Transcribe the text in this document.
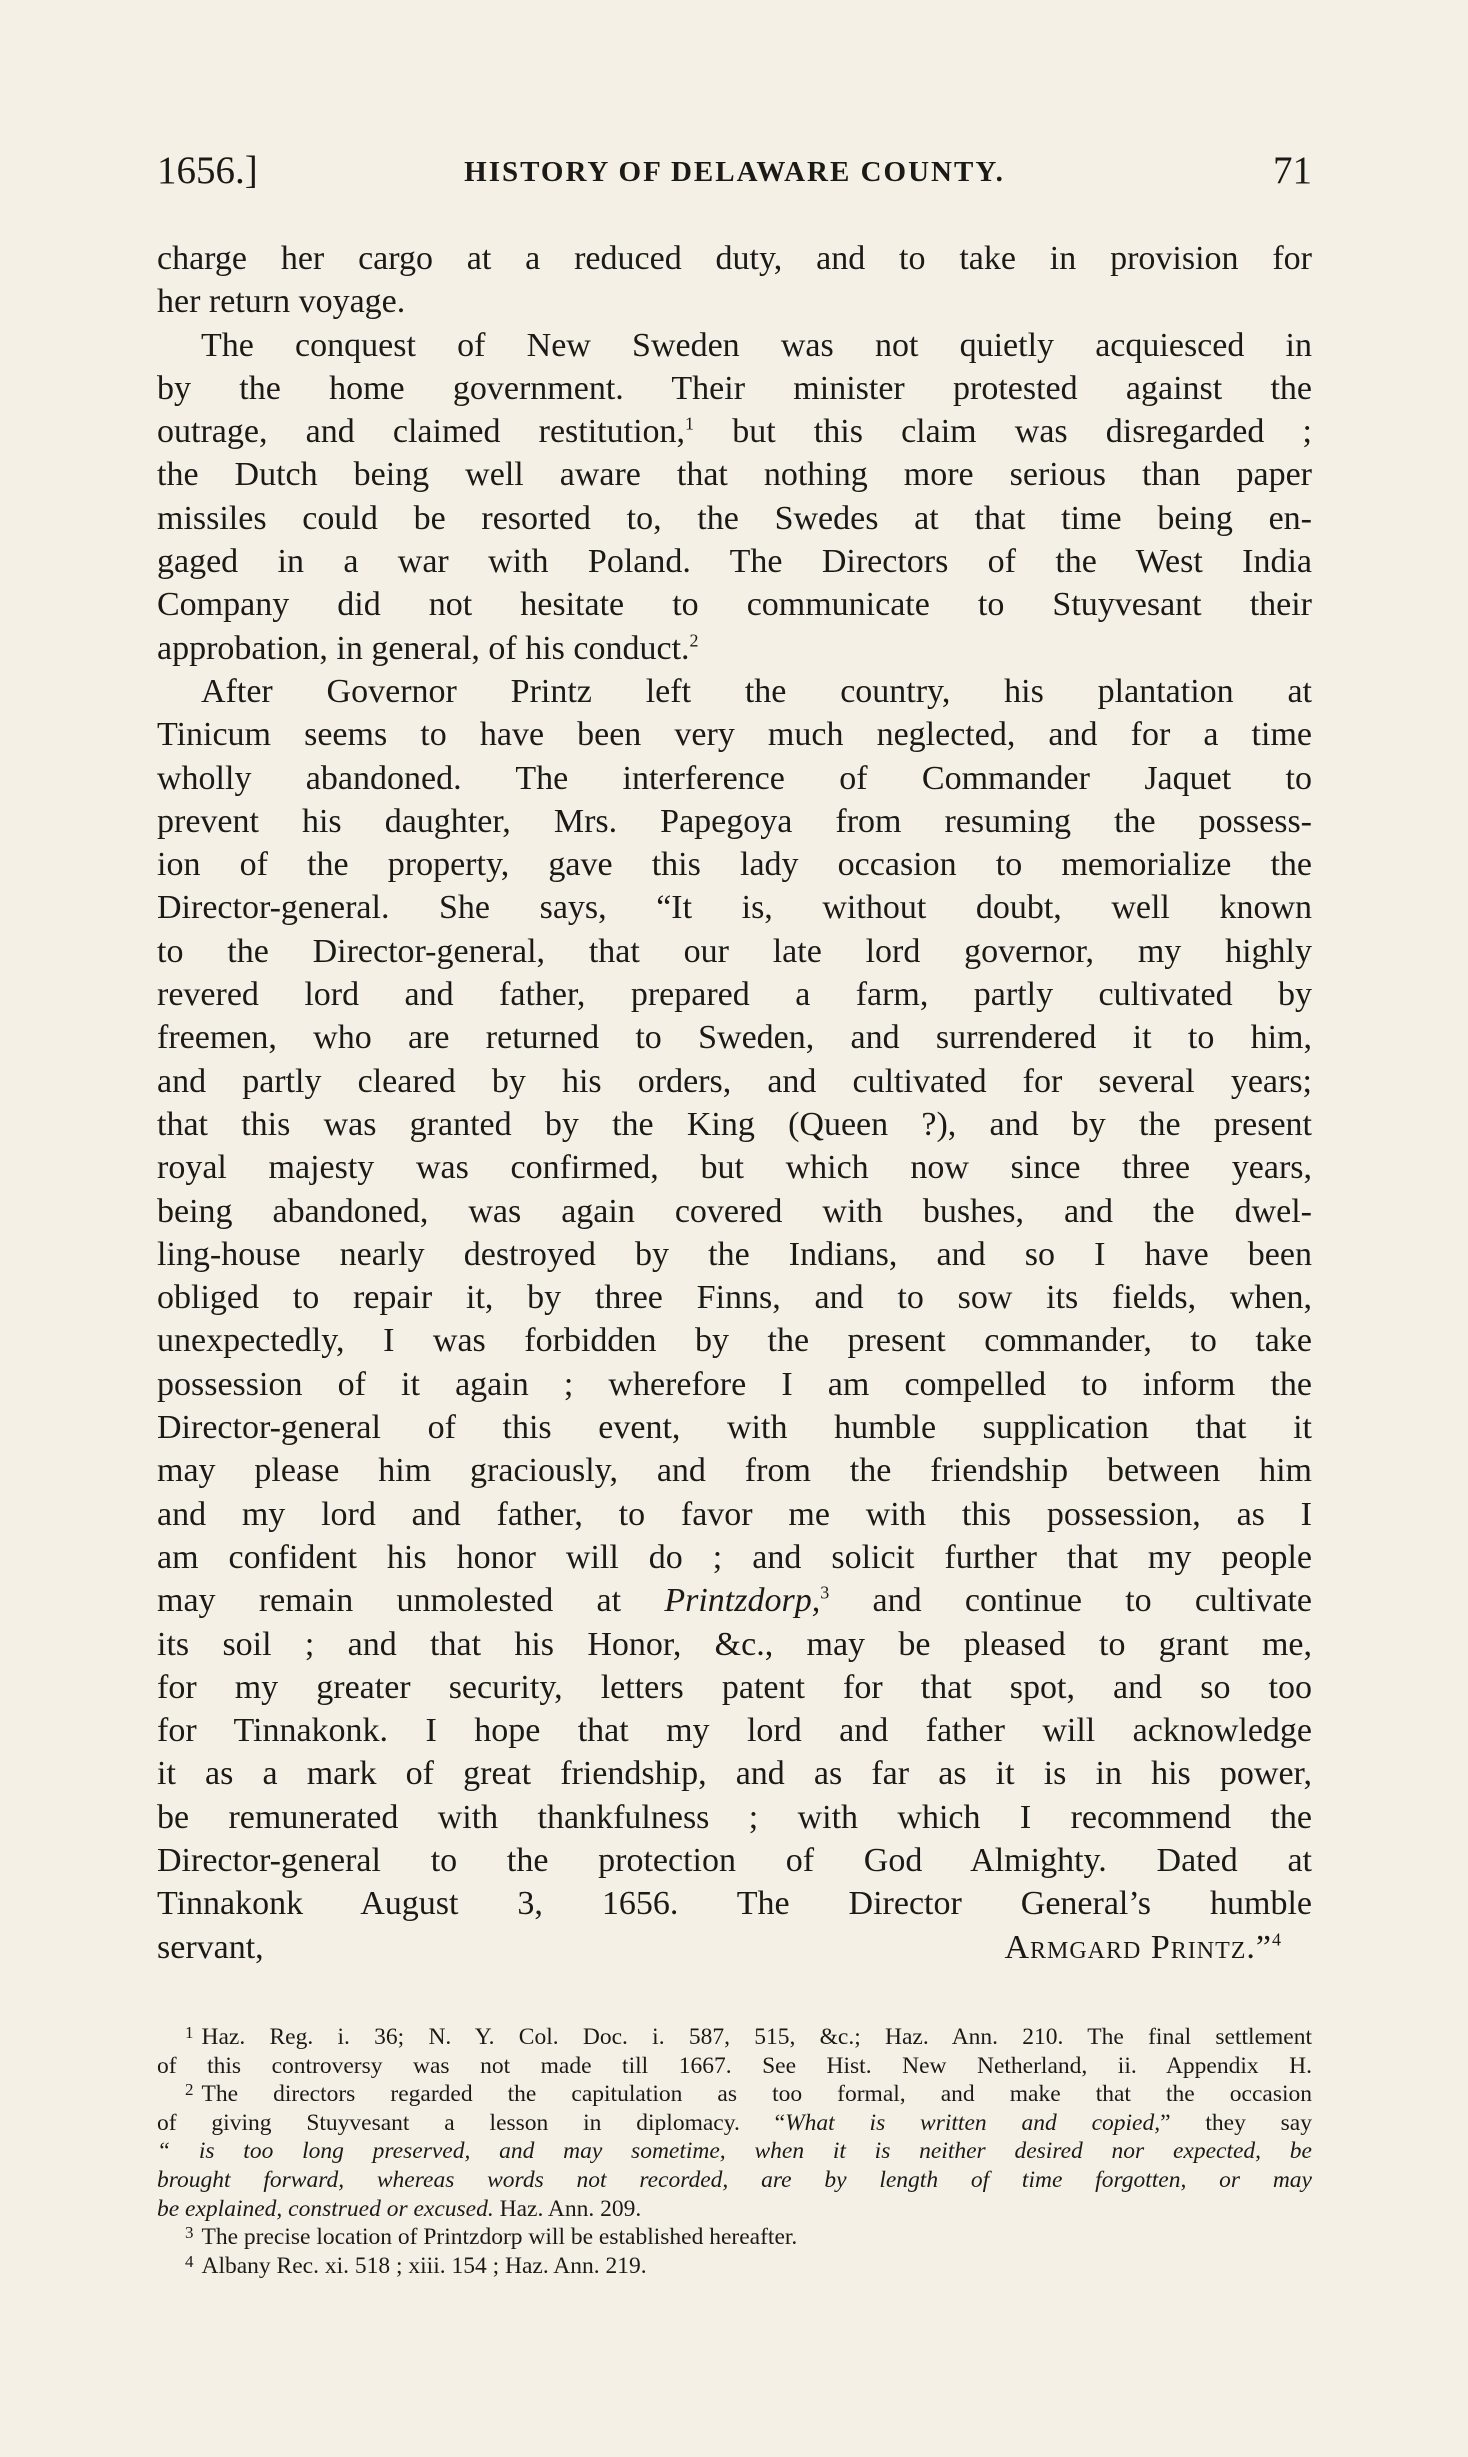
1656.]	HISTORY OF DELAWARE COUNTY.	71
charge her cargo at a reduced duty, and to take in provision for
her return voyage.
The conquest of New Sweden was not quietly acquiesced in
by the home government. Their minister protested against the
outrage, and claimed restitution,$^1$ but this claim was disregarded ;
the Dutch being well aware that nothing more serious than paper
missiles could be resorted to, the Swedes at that time being en-
gaged in a war with Poland. The Directors of the West India
Company did not hesitate to communicate to Stuyvesant their
approbation, in general, of his conduct.$^2$
After Governor Printz left the country, his plantation at
Tinicum seems to have been very much neglected, and for a time
wholly abandoned. The interference of Commander Jaquet to
prevent his daughter, Mrs. Papegoya from resuming the possess-
ion of the property, gave this lady occasion to memorialize the
Director-general. She says, “It is, without doubt, well known
to the Director-general, that our late lord governor, my highly
revered lord and father, prepared a farm, partly cultivated by
freemen, who are returned to Sweden, and surrendered it to him,
and partly cleared by his orders, and cultivated for several years;
that this was granted by the King (Queen ?), and by the present
royal majesty was confirmed, but which now since three years,
being abandoned, was again covered with bushes, and the dwel-
ling-house nearly destroyed by the Indians, and so I have been
obliged to repair it, by three Finns, and to sow its fields, when,
unexpectedly, I was forbidden by the present commander, to take
possession of it again ; wherefore I am compelled to inform the
Director-general of this event, with humble supplication that it
may please him graciously, and from the friendship between him
and my lord and father, to favor me with this possession, as I
am confident his honor will do ; and solicit further that my people
may remain unmolested at Printzdorp,$^3$ and continue to cultivate
its soil ; and that his Honor, &c., may be pleased to grant me,
for my greater security, letters patent for that spot, and so too
for Tinnakonk. I hope that my lord and father will acknowledge
it as a mark of great friendship, and as far as it is in his power,
be remunerated with thankfulness ; with which I recommend the
Director-general to the protection of God Almighty. Dated at
Tinnakonk August 3, 1656. The Director General’s humble
servant,	Armgard Printz.”$^4$
$^1$ Haz. Reg. i. 36; N. Y. Col. Doc. i. 587, 515, &c.; Haz. Ann. 210. The final settlement
of this controversy was not made till 1667. See Hist. New Netherland, ii. Appendix H.
$^2$ The directors regarded the capitulation as too formal, and make that the occasion
of giving Stuyvesant a lesson in diplomacy. “What is written and copied,” they say
“ is too long preserved, and may sometime, when it is neither desired nor expected, be
brought forward, whereas words not recorded, are by length of time forgotten, or may
be explained, construed or excused. Haz. Ann. 209.
$^3$ The precise location of Printzdorp will be established hereafter.
$^4$ Albany Rec. xi. 518 ; xiii. 154 ; Haz. Ann. 219.
